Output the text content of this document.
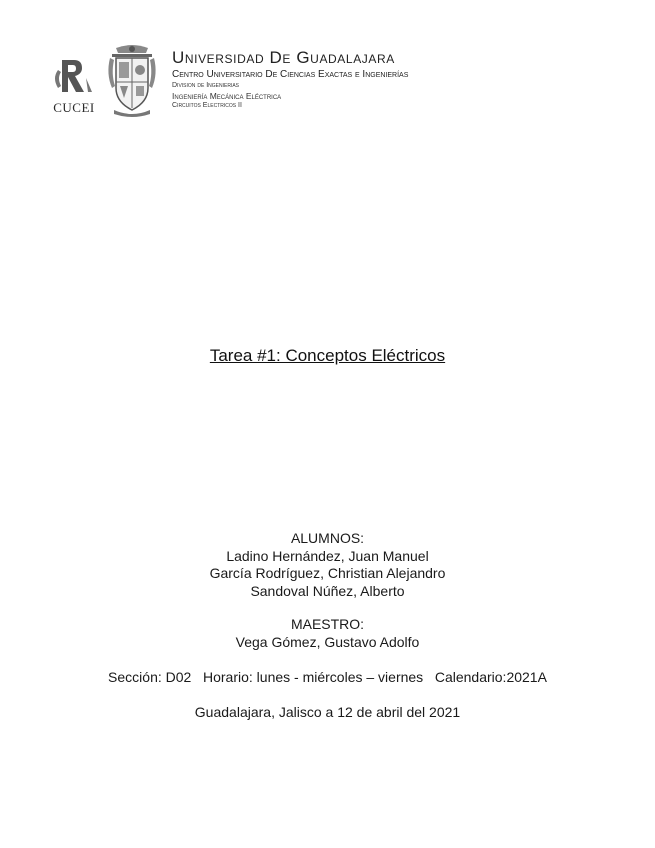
CUCEI
Universidad De Guadalajara
Centro Universitario De Ciencias Exactas e Ingenierías
Division de Ingenierias
Ingeniería Mecánica Eléctrica
Circuitos Electricos II
Tarea #1: Conceptos Eléctricos
ALUMNOS:
Ladino Hernández, Juan Manuel
García Rodríguez, Christian Alejandro
Sandoval Núñez, Alberto
MAESTRO:
Vega Gómez, Gustavo Adolfo
Sección: D02   Horario: lunes - miércoles – viernes   Calendario:2021A
Guadalajara, Jalisco a 12 de abril del 2021
